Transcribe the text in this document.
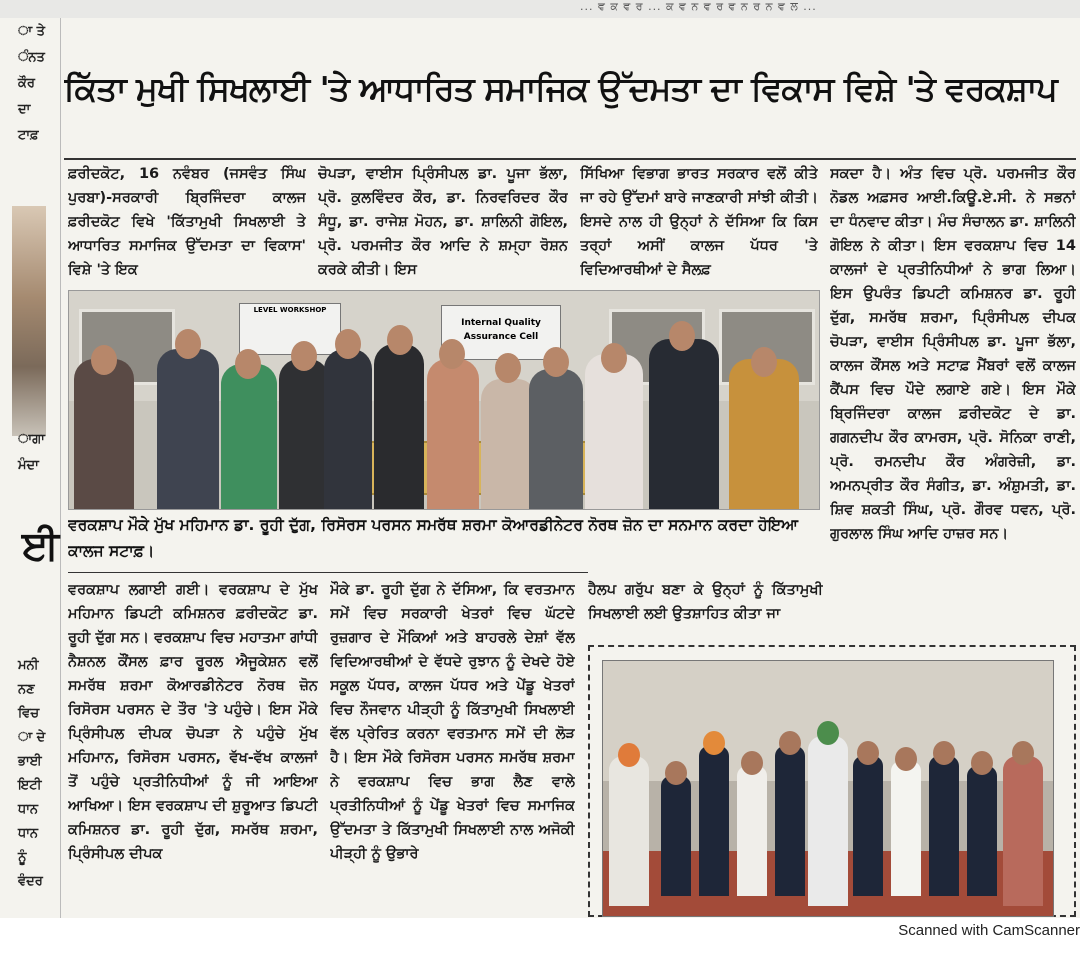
... ਵ ਕ ਵ ਰ ... ਕ ਵ ਨ ਵ ਰ ਵ ਨ ਰ ਨ ਵ ਲ ...
ਾ ਤੇ
ੰਨਤ
ਕੌਰ
ਦਾ
ਟਾਫ਼
ਾਗਾ
ਮੰਦਾ
ਈ
ਮਨੀ
ਨਣ
ਵਿਚ
ਾ ਦੇ
ਭਾਈ
ਇਟੀ
ਧਾਨ
ਧਾਨ
ਨੂੰ
ਵੰਦਰ
ਕਿੱਤਾ ਮੁਖੀ ਸਿਖਲਾਈ 'ਤੇ ਆਧਾਰਿਤ ਸਮਾਜਿਕ ਉੱਦਮਤਾ ਦਾ ਵਿਕਾਸ ਵਿਸ਼ੇ 'ਤੇ ਵਰਕਸ਼ਾਪ
ਫ਼ਰੀਦਕੋਟ, 16 ਨਵੰਬਰ (ਜਸਵੰਤ ਸਿੰਘ ਪੁਰਬਾ)-ਸਰਕਾਰੀ ਬ੍ਰਿਜਿੰਦਰਾ ਕਾਲਜ ਫ਼ਰੀਦਕੋਟ ਵਿਖੇ 'ਕਿੱਤਾਮੁਖੀ ਸਿਖਲਾਈ ਤੇ ਆਧਾਰਿਤ ਸਮਾਜਿਕ ਉੱਦਮਤਾ ਦਾ ਵਿਕਾਸ' ਵਿਸ਼ੇ 'ਤੇ ਇਕ
ਚੋਪੜਾ, ਵਾਈਸ ਪ੍ਰਿੰਸੀਪਲ ਡਾ. ਪੂਜਾ ਭੱਲਾ, ਪ੍ਰੋ. ਕੁਲਵਿੰਦਰ ਕੌਰ, ਡਾ. ਨਿਰਵਰਿਦਰ ਕੌਰ ਸੰਧੂ, ਡਾ. ਰਾਜੇਸ਼ ਮੋਹਨ, ਡਾ. ਸ਼ਾਲਿਨੀ ਗੋਇਲ, ਪ੍ਰੋ. ਪਰਮਜੀਤ ਕੌਰ ਆਦਿ ਨੇ ਸ਼ਮ੍ਹਾ ਰੋਸ਼ਨ ਕਰਕੇ ਕੀਤੀ। ਇਸ
ਸਿੱਖਿਆ ਵਿਭਾਗ ਭਾਰਤ ਸਰਕਾਰ ਵਲੋਂ ਕੀਤੇ ਜਾ ਰਹੇ ਉੱਦਮਾਂ ਬਾਰੇ ਜਾਣਕਾਰੀ ਸਾਂਝੀ ਕੀਤੀ। ਇਸਦੇ ਨਾਲ ਹੀ ਉਨ੍ਹਾਂ ਨੇ ਦੱਸਿਆ ਕਿ ਕਿਸ ਤਰ੍ਹਾਂ ਅਸੀਂ ਕਾਲਜ ਪੱਧਰ 'ਤੇ ਵਿਦਿਆਰਥੀਆਂ ਦੇ ਸੈਲਫ਼
ਸਕਦਾ ਹੈ। ਅੰਤ ਵਿਚ ਪ੍ਰੋ. ਪਰਮਜੀਤ ਕੌਰ ਨੋਡਲ ਅਫ਼ਸਰ ਆਈ.ਕਿਊ.ਏ.ਸੀ. ਨੇ ਸਭਨਾਂ ਦਾ ਧੰਨਵਾਦ ਕੀਤਾ। ਮੰਚ ਸੰਚਾਲਨ ਡਾ. ਸ਼ਾਲਿਨੀ ਗੋਇਲ ਨੇ ਕੀਤਾ। ਇਸ ਵਰਕਸ਼ਾਪ ਵਿਚ 14 ਕਾਲਜਾਂ ਦੇ ਪ੍ਰਤੀਨਿਧੀਆਂ ਨੇ ਭਾਗ ਲਿਆ। ਇਸ ਉਪਰੰਤ ਡਿਪਟੀ ਕਮਿਸ਼ਨਰ ਡਾ. ਰੂਹੀ ਦੁੱਗ, ਸਮਰੱਥ ਸ਼ਰਮਾ, ਪ੍ਰਿੰਸੀਪਲ ਦੀਪਕ ਚੋਪੜਾ, ਵਾਈਸ ਪ੍ਰਿੰਸੀਪਲ ਡਾ. ਪੂਜਾ ਭੱਲਾ, ਕਾਲਜ ਕੌਂਸਲ ਅਤੇ ਸਟਾਫ਼ ਮੈਂਬਰਾਂ ਵਲੋਂ ਕਾਲਜ ਕੈਂਪਸ ਵਿਚ ਪੌਦੇ ਲਗਾਏ ਗਏ। ਇਸ ਮੌਕੇ ਬ੍ਰਿਜਿੰਦਰਾ ਕਾਲਜ ਫ਼ਰੀਦਕੋਟ ਦੇ ਡਾ. ਗਗਨਦੀਪ ਕੌਰ ਕਾਮਰਸ, ਪ੍ਰੋ. ਸੋਨਿਕਾ ਰਾਣੀ, ਪ੍ਰੋ. ਰਮਨਦੀਪ ਕੌਰ ਅੰਗਰੇਜ਼ੀ, ਡਾ. ਅਮਨਪ੍ਰੀਤ ਕੌਰ ਸੰਗੀਤ, ਡਾ. ਅੰਸ਼ੁਮਤੀ, ਡਾ. ਸ਼ਿਵ ਸ਼ਕਤੀ ਸਿੰਘ, ਪ੍ਰੋ. ਗੌਰਵ ਧਵਨ, ਪ੍ਰੋ. ਗੁਰਲਾਲ ਸਿੰਘ ਆਦਿ ਹਾਜ਼ਰ ਸਨ।
LEVEL WORKSHOP
Internal Quality Assurance Cell
ਵਰਕਸ਼ਾਪ ਮੌਕੇ ਮੁੱਖ ਮਹਿਮਾਨ ਡਾ. ਰੂਹੀ ਦੁੱਗ, ਰਿਸੋਰਸ ਪਰਸਨ ਸਮਰੱਥ ਸ਼ਰਮਾ ਕੋਆਰਡੀਨੇਟਰ ਨੋਰਥ ਜ਼ੋਨ ਦਾ ਸਨਮਾਨ ਕਰਦਾ ਹੋਇਆ ਕਾਲਜ ਸਟਾਫ਼।
ਵਰਕਸ਼ਾਪ ਲਗਾਈ ਗਈ। ਵਰਕਸ਼ਾਪ ਦੇ ਮੁੱਖ ਮਹਿਮਾਨ ਡਿਪਟੀ ਕਮਿਸ਼ਨਰ ਫ਼ਰੀਦਕੋਟ ਡਾ. ਰੂਹੀ ਦੁੱਗ ਸਨ। ਵਰਕਸ਼ਾਪ ਵਿਚ ਮਹਾਤਮਾ ਗਾਂਧੀ ਨੈਸ਼ਨਲ ਕੌਂਸਲ ਫ਼ਾਰ ਰੂਰਲ ਐਜੂਕੇਸ਼ਨ ਵਲੋਂ ਸਮਰੱਥ ਸ਼ਰਮਾ ਕੋਆਰਡੀਨੇਟਰ ਨੋਰਥ ਜ਼ੋਨ ਰਿਸੋਰਸ ਪਰਸਨ ਦੇ ਤੌਰ 'ਤੇ ਪਹੁੰਚੇ। ਇਸ ਮੌਕੇ ਪ੍ਰਿੰਸੀਪਲ ਦੀਪਕ ਚੋਪੜਾ ਨੇ ਪਹੁੰਚੇ ਮੁੱਖ ਮਹਿਮਾਨ, ਰਿਸੋਰਸ ਪਰਸਨ, ਵੱਖ-ਵੱਖ ਕਾਲਜਾਂ ਤੋਂ ਪਹੁੰਚੇ ਪ੍ਰਤੀਨਿਧੀਆਂ ਨੂੰ ਜੀ ਆਇਆ ਆਖਿਆ। ਇਸ ਵਰਕਸ਼ਾਪ ਦੀ ਸ਼ੁਰੂਆਤ ਡਿਪਟੀ ਕਮਿਸ਼ਨਰ ਡਾ. ਰੂਹੀ ਦੁੱਗ, ਸਮਰੱਥ ਸ਼ਰਮਾ, ਪ੍ਰਿੰਸੀਪਲ ਦੀਪਕ
ਮੌਕੇ ਡਾ. ਰੂਹੀ ਦੁੱਗ ਨੇ ਦੱਸਿਆ, ਕਿ ਵਰਤਮਾਨ ਸਮੇਂ ਵਿਚ ਸਰਕਾਰੀ ਖੇਤਰਾਂ ਵਿਚ ਘੱਟਦੇ ਰੁਜ਼ਗਾਰ ਦੇ ਮੌਕਿਆਂ ਅਤੇ ਬਾਹਰਲੇ ਦੇਸ਼ਾਂ ਵੱਲ ਵਿਦਿਆਰਥੀਆਂ ਦੇ ਵੱਧਦੇ ਰੁਝਾਨ ਨੂੰ ਦੇਖਦੇ ਹੋਏ ਸਕੂਲ ਪੱਧਰ, ਕਾਲਜ ਪੱਧਰ ਅਤੇ ਪੇਂਡੂ ਖੇਤਰਾਂ ਵਿਚ ਨੌਜਵਾਨ ਪੀੜ੍ਹੀ ਨੂੰ ਕਿੱਤਾਮੁਖੀ ਸਿਖਲਾਈ ਵੱਲ ਪ੍ਰੇਰਿਤ ਕਰਨਾ ਵਰਤਮਾਨ ਸਮੇਂ ਦੀ ਲੋੜ ਹੈ। ਇਸ ਮੌਕੇ ਰਿਸੋਰਸ ਪਰਸਨ ਸਮਰੱਥ ਸ਼ਰਮਾ ਨੇ ਵਰਕਸ਼ਾਪ ਵਿਚ ਭਾਗ ਲੈਣ ਵਾਲੇ ਪ੍ਰਤੀਨਿਧੀਆਂ ਨੂੰ ਪੇਂਡੂ ਖੇਤਰਾਂ ਵਿਚ ਸਮਾਜਿਕ ਉੱਦਮਤਾ ਤੇ ਕਿੱਤਾਮੁਖੀ ਸਿਖਲਾਈ ਨਾਲ ਅਜੋਕੀ ਪੀੜ੍ਹੀ ਨੂੰ ਉਭਾਰੇ
ਹੈਲਪ ਗਰੁੱਪ ਬਣਾ ਕੇ ਉਨ੍ਹਾਂ ਨੂੰ ਕਿੱਤਾਮੁਖੀ ਸਿਖਲਾਈ ਲਈ ਉਤਸ਼ਾਹਿਤ ਕੀਤਾ ਜਾ
Scanned with CamScanner
